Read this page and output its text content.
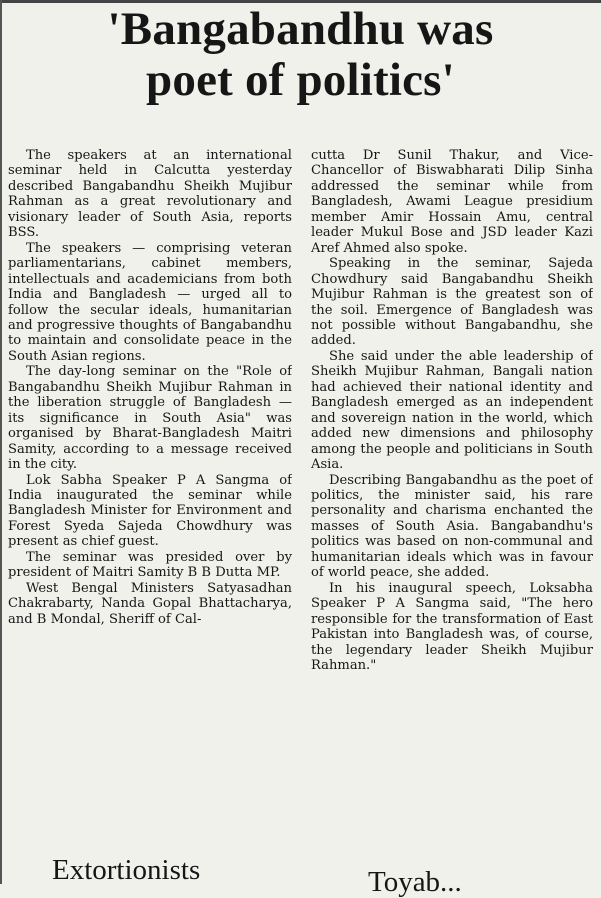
'Bangabandhu was
poet of politics'

The speakers at an international seminar held in Calcutta yesterday described Bangabandhu Sheikh Mujibur Rahman as a great revolutionary and visionary leader of South Asia, reports BSS.

The speakers — comprising veteran parliamentarians, cabinet members, intellectuals and academicians from both India and Bangladesh — urged all to follow the secular ideals, humanitarian and progressive thoughts of Bangabandhu to maintain and consolidate peace in the South Asian regions.

The day-long seminar on the "Role of Bangabandhu Sheikh Mujibur Rahman in the liberation struggle of Bangladesh — its significance in South Asia" was organised by Bharat-Bangladesh Maitri Samity, according to a message received in the city.

Lok Sabha Speaker P A Sangma of India inaugurated the seminar while Bangladesh Minister for Environment and Forest Syeda Sajeda Chowdhury was present as chief guest.

The seminar was presided over by president of Maitri Samity B B Dutta MP.

West Bengal Ministers Satyasadhan Chakrabarty, Nanda Gopal Bhattacharya, and B Mondal, Sheriff of Cal-

cutta Dr Sunil Thakur, and Vice-Chancellor of Biswabharati Dilip Sinha addressed the seminar while from Bangladesh, Awami League presidium member Amir Hossain Amu, central leader Mukul Bose and JSD leader Kazi Aref Ahmed also spoke.

Speaking in the seminar, Sajeda Chowdhury said Bangabandhu Sheikh Mujibur Rahman is the greatest son of the soil. Emergence of Bangladesh was not possible without Bangabandhu, she added.

She said under the able leadership of Sheikh Mujibur Rahman, Bangali nation had achieved their national identity and Bangladesh emerged as an independent and sovereign nation in the world, which added new dimensions and philosophy among the people and politicians in South Asia.

Describing Bangabandhu as the poet of politics, the minister said, his rare personality and charisma enchanted the masses of South Asia. Bangabandhu's politics was based on non-communal and humanitarian ideals which was in favour of world peace, she added.

In his inaugural speech, Loksabha Speaker P A Sangma said, "The hero responsible for the transformation of East Pakistan into Bangladesh was, of course, the legendary leader Sheikh Mujibur Rahman."

Extortionists	Toyab...
